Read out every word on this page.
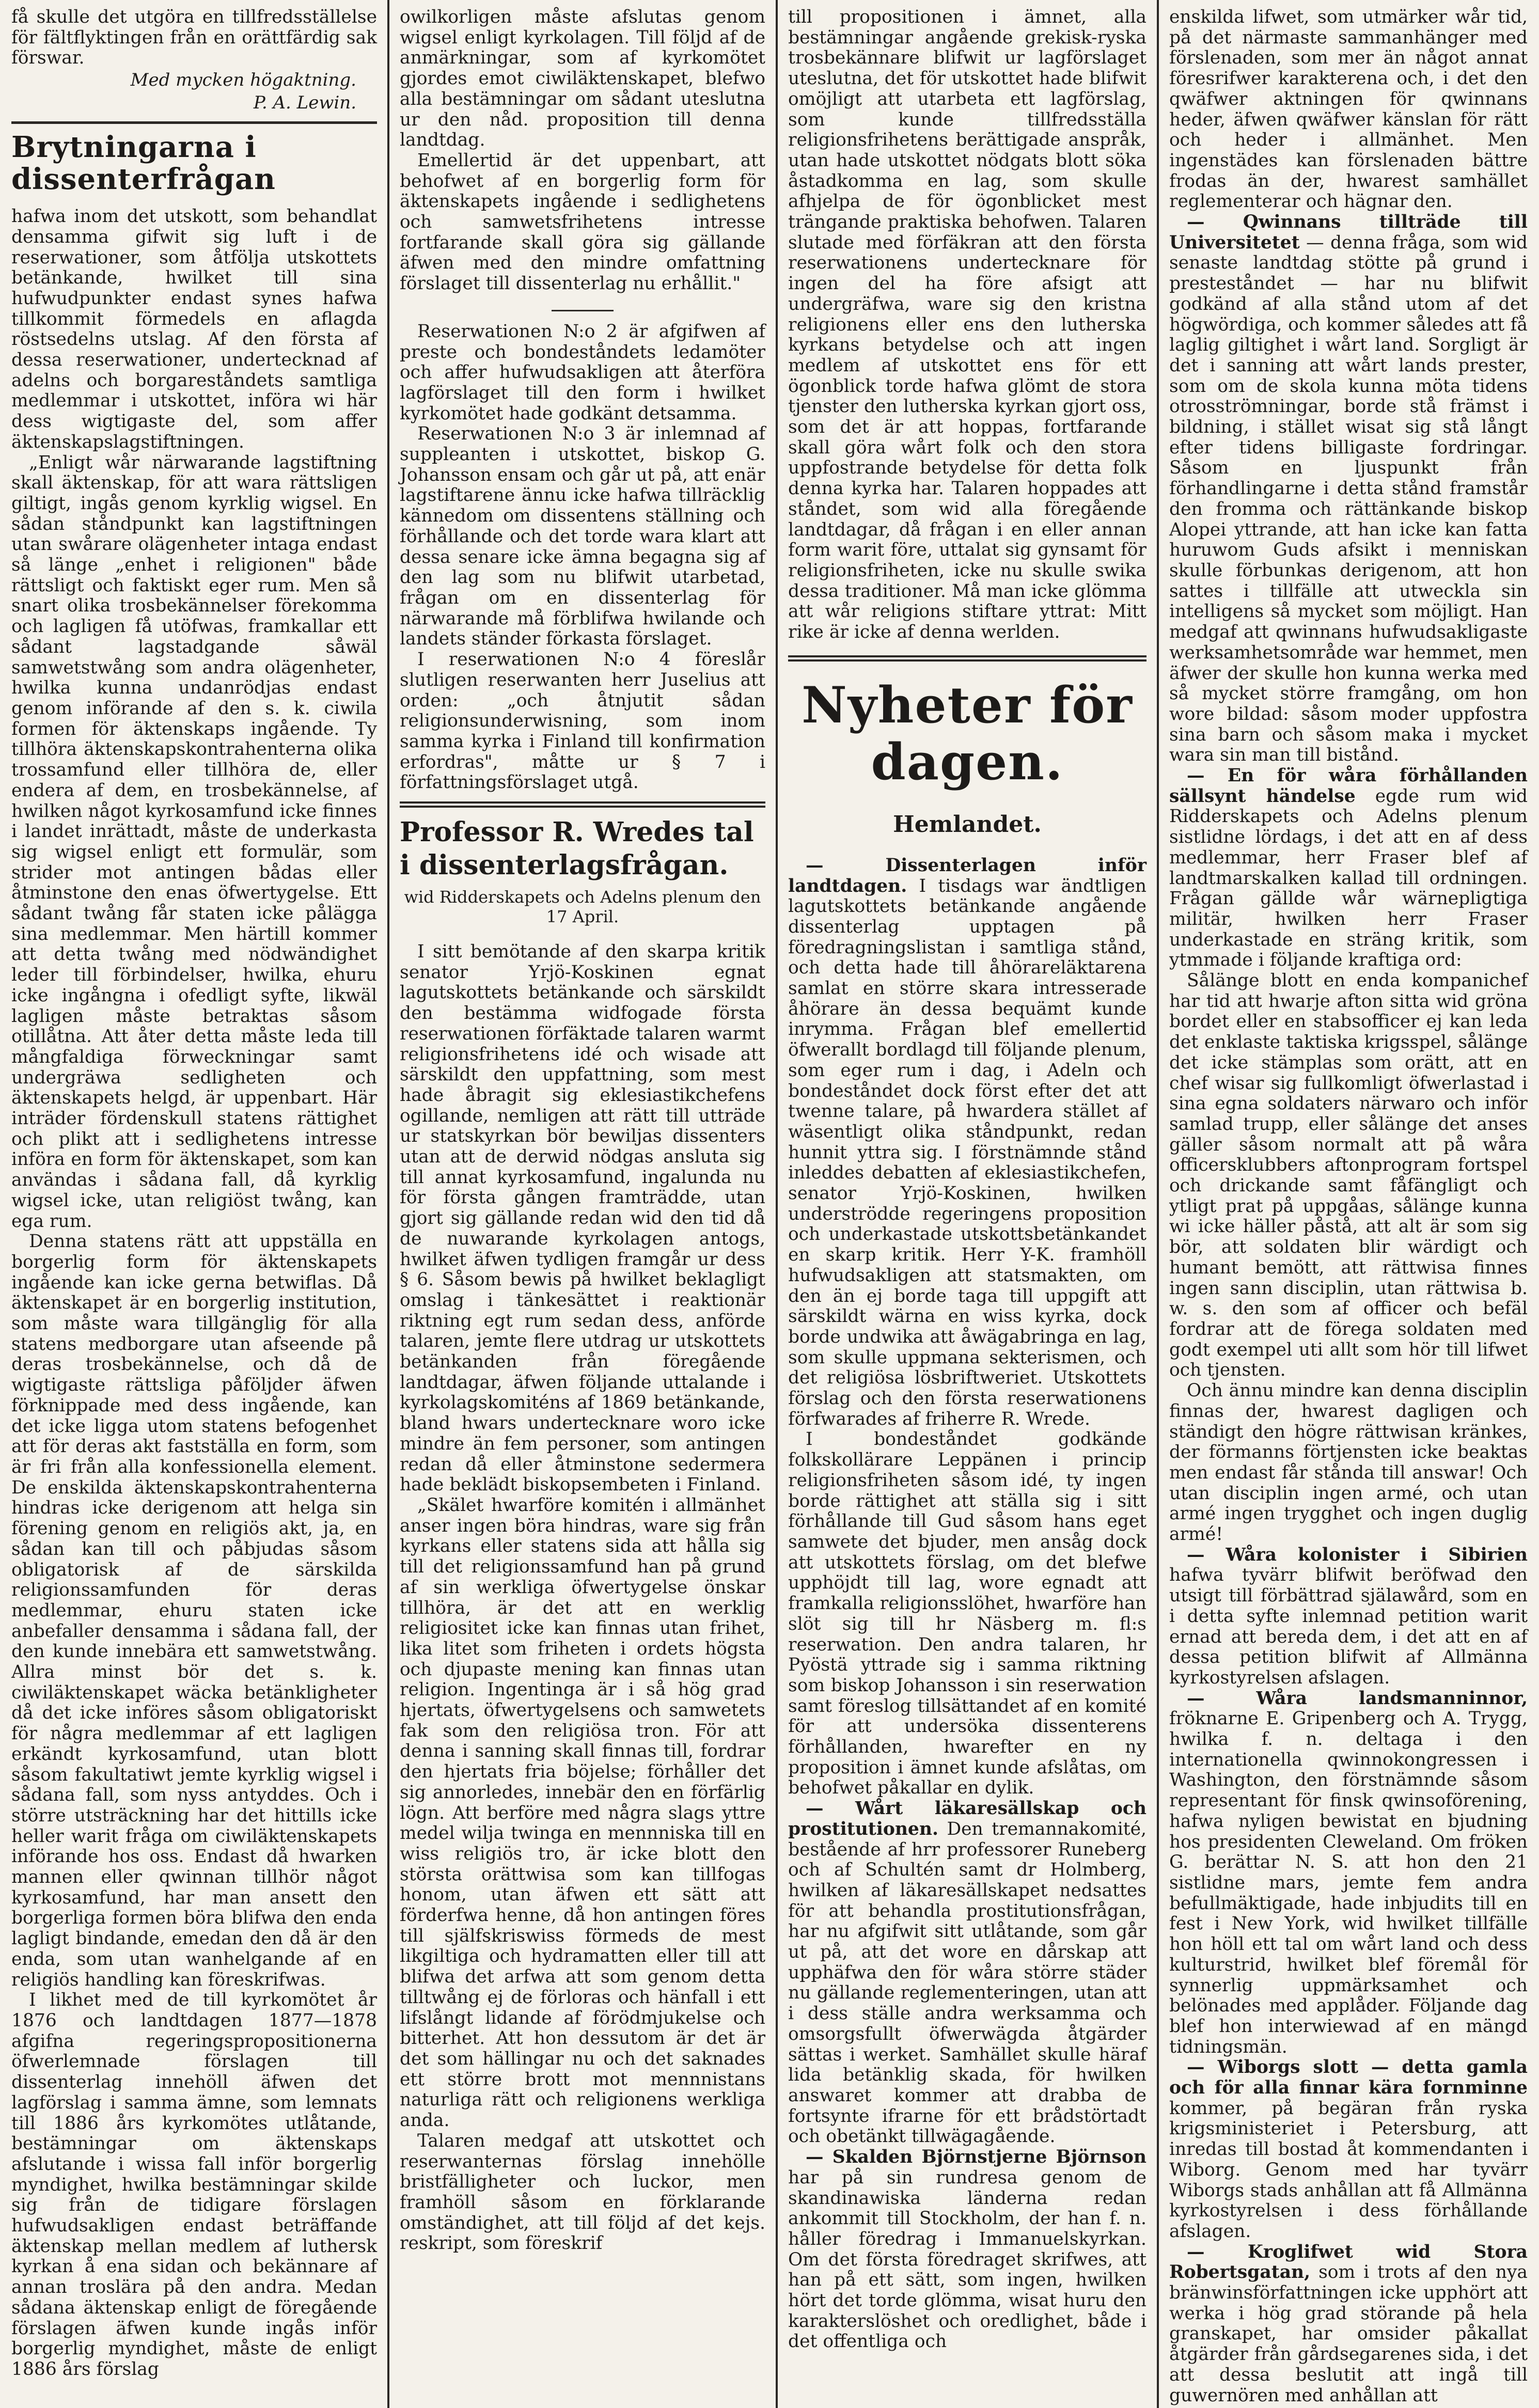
få skulle det utgöra en tillfredsställelse för fältflyktingen från en orättfärdig sak förswar.

Med mycken högaktning.
P. A. Lewin.
Brytningarna i dissenterfrågan

hafwa inom det utskott, som behandlat densamma gifwit sig luft i de reserwationer, som åtföljа utskottets betänkande, hwilket till sina hufwudpunkter endast synes hafwa tillkommit förmedels en aflagda röstsedelns utslag. Af den första af dessa reserwationer, undertecknad af adelns och borgareståndets samtliga medlemmar i utskottet, införa wi här dess wigtigaste del, som affer äktenskapslagstiftningen.

„Enligt wår närwarande lagstiftning skall äktenskap, för att wara rättsligen giltigt, ingås genom kyrklig wigsel. En sådan ståndpunkt kan lagstiftningen utan swårare olägenheter intaga endast så länge „enhet i religionen" både rättsligt och faktiskt eger rum. Men så snart olika trosbekännelser förekomma och lagligen få utöfwas, framkallar ett sådant lagstadgande såwäl samwetstwång som andra olägenheter, hwilka kunna undanrödjas endast genom införande af den s. k. ciwila formen för äktenskaps ingående. Ty tillhöra äktenskapskontrahenterna olika trossamfund eller tillhöra de, eller endera af dem, en trosbekännelse, af hwilken något kyrkosamfund icke finnes i landet inrättadt, måste de underkasta sig wigsel enligt ett formulär, som strider mot antingen bådas eller åtminstone den enas öfwertygelse. Ett sådant twång får staten icke pålägga sina medlemmar. Men härtill kommer att detta twång med nödwändighet leder till förbindelser, hwilka, ehuru icke ingångna i ofedligt syfte, likwäl lagligen måste betraktas såsom otillåtna. Att åter detta måste leda till mångfaldiga förweckningar samt undergräwa sedligheten och äktenskapets helgd, är uppenbart. Här inträder fördenskull statens rättighet och plikt att i sedlighetens intresse införa en form för äktenskapet, som kan användas i sådana fall, då kyrklig wigsel icke, utan religiöst twång, kan ega rum.

Denna statens rätt att uppställa en borgerlig form för äktenskapets ingående kan icke gerna betwiflas. Då äktenskapet är en borgerlig institution, som måste wara tillgänglig för alla statens medborgare utan afseende på deras trosbekännelse, och då de wigtigaste rättsliga påföljder äfwen förknippade med dess ingående, kan det icke ligga utom statens befogenhet att för deras akt fastställa en form, som är fri från alla konfessionella element. De enskilda äktenskapskontrahenterna hindras icke derigenom att helga sin förening genom en religiös akt, ja, en sådan kan till och påbjudas såsom obligatorisk af de särskilda religionssamfunden för deras medlemmar, ehuru staten icke anbefaller densamma i sådana fall, der den kunde innebära ett samwetstwång. Allra minst bör det s. k. ciwiläktenskapet wäcka betänkligheter då det icke införes såsom obligatoriskt för några medlemmar af ett lagligen erkändt kyrkosamfund, utan blott såsom fakultatiwt jemte kyrklig wigsel i sådana fall, som nyss antyddes. Och i större utsträckning har det hittills icke heller warit fråga om ciwiläktenskapets införande hos oss. Endast då hwarken mannen eller qwinnan tillhör något kyrkosamfund, har man ansett den borgerliga formen böra blifwa den enda lagligt bindande, emedan den då är den enda, som utan wanhelgande af en religiös handling kan föreskrifwas.

I likhet med de till kyrkomötet år 1876 och landtdagen 1877—1878 afgifna regeringspropositionerna öfwerlemnade förslagen till dissenterlag innehöll äfwen det lagförslag i samma ämne, som lemnats till 1886 års kyrkomötes utlåtande, bestämningar om äktenskaps afslutande i wissa fall inför borgerlig myndighet, hwilka bestämningar skilde sig från de tidigare förslagen hufwudsakligen endast beträffande äktenskap mellan medlem af luthersk kyrkan å ena sidan och bekännare af annan troslära på den andra. Medan sådana äktenskap enligt de föregående förslagen äfwen kunde ingås inför borgerlig myndighet, måste de enligt 1886 års förslag

owilkorligen måste afslutas genom wigsel enligt kyrkolagen. Till följd af de anmärkningar, som af kyrkomötet gjordes emot ciwiläktenskapet, blefwo alla bestämningar om sådant uteslutna ur den nåd. proposition till denna landtdag.

Emellertid är det uppenbart, att behofwet af en borgerlig form för äktenskapets ingående i sedlighetens och samwetsfrihetens intresse fortfarande skall göra sig gällande äfwen med den mindre omfattning förslaget till dissenterlag nu erhållit."

Reserwationen N:o 2 är afgifwen af preste och bondeståndets ledamöter och affer hufwudsakligen att återföra lagförslaget till den form i hwilket kyrkomötet hade godkänt detsamma.

Reserwationen N:o 3 är inlemnad af suppleanten i utskottet, biskop G. Johansson ensam och går ut på, att enär lagstiftarene ännu icke hafwa tillräcklig kännedom om dissentens ställning och förhållande och det torde wara klart att dessa senare icke ämna begagna sig af den lag som nu blifwit utarbetad, frågan om en dissenterlag för närwarande må förblifwa hwilande och landets ständer förkasta förslaget.

I reserwationen N:o 4 föreslår slutligen reserwanten herr Juselius att orden: „och åtnjutit sådan religionsunderwisning, som inom samma kyrka i Finland till konfirmation erfordras", måtte ur § 7 i författningsförslaget utgå.

Professor R. Wredes tal i dissenterlagsfrågan.
wid Ridderskapets och Adelns plenum den 17 April.

I sitt bemötande af den skarpa kritik senator Yrjö-Koskinen egnat lagutskottets betänkande och särskildt den bestämma widfogade första reserwationen förfäktade talaren warmt religionsfrihetens idé och wisade att särskildt den uppfattning, som mest hade åbragit sig eklesiastikchefens ogillande, nemligen att rätt till utträde ur statskyrkan bör bewiljas dissenters utan att de derwid nödgas ansluta sig till annat kyrkosamfund, ingalunda nu för första gången framträdde, utan gjort sig gällande redan wid den tid då de nuwarande kyrkolagen antogs, hwilket äfwen tydligen framgår ur dess § 6. Såsom bewis på hwilket beklagligt omslag i tänkesättet i reaktionär riktning egt rum sedan dess, anförde talaren, jemte flere utdrag ur utskottets betänkanden från föregående landtdagar, äfwen följande uttalande i kyrkolagskomiténs af 1869 betänkande, bland hwars undertecknare woro icke mindre än fem personer, som antingen redan då eller åtminstone sedermera hade beklädt biskopsembeten i Finland.

„Skälet hwarföre komitén i allmänhet anser ingen böra hindras, ware sig från kyrkans eller statens sida att hålla sig till det religionssamfund han på grund af sin werkliga öfwertygelse önskar tillhöra, är det att en werklig religiositet icke kan finnas utan frihet, lika litet som friheten i ordets högsta och djupaste mening kan finnas utan religion. Ingentinga är i så hög grad hjertats, öfwertygelsens och samwetets fak som den religiösa tron. För att denna i sanning skall finnas till, fordrar den hjertats fria böjelse; förhåller det sig annorledes, innebär den en förfärlig lögn. Att berföre med några slags yttre medel wilja twinga en mennniska till en wiss religiös tro, är icke blott den största orättwisa som kan tillfogas honom, utan äfwen ett sätt att förderfwa henne, då hon antingen föres till själfskriswiss förmeds de mest likgiltiga och hydramatten eller till att blifwa det arfwa att som genom detta tilltwång ej de förloras och hänfall i ett lifslångt lidande af förödmjukelse och bitterhet. Att hon dessutom är det är det som hällingar nu och det saknades ett större brott mot mennnistans naturliga rätt och religionens werkliga anda.

Talaren medgaf att utskottet och reserwanternas förslag innehölle bristfälligheter och luckor, men framhöll såsom en förklarande omständighet, att till följd af det kejs. reskript, som föreskrif

till propositionen i ämnet, alla bestämningar angående grekisk-ryska trosbekännare blifwit ur lagförslaget uteslutna, det för utskottet hade blifwit omöjligt att utarbeta ett lagförslag, som kunde tillfredsställa religionsfrihetens berättigade anspråk, utan hade utskottet nödgats blott söka åstadkomma en lag, som skulle afhjelpa de för ögonblicket mest trängande praktiska behofwen. Talaren slutade med förfäkran att den första reserwationens undertecknare för ingen del ha före afsigt att undergräfwa, ware sig den kristna religionens eller ens den lutherska kyrkans betydelse och att ingen medlem af utskottet ens för ett ögonblick torde hafwa glömt de stora tjenster den lutherska kyrkan gjort oss, som det är att hoppas, fortfarande skall göra wårt folk och den stora uppfostrande betydelse för detta folk denna kyrka har. Talaren hoppades att ståndet, som wid alla föregående landtdagar, då frågan i en eller annan form warit före, uttalat sig gynsamt för religionsfriheten, icke nu skulle swika dessa traditioner. Må man icke glömma att wår religions stiftare yttrat: Mitt rike är icke af denna werlden.

Nyheter för dagen.
Hemlandet.

— Dissenterlagen inför landtdagen. I tisdags war ändtligen lagutskottets betänkande angående dissenterlag upptagen på föredragningslistan i samtliga stånd, och detta hade till åhörareläktarena samlat en större skara intresserade åhörare än dessa bequämt kunde inrymma. Frågan blef emellertid öfwerallt bordlagd till följande plenum, som eger rum i dag, i Adeln och bondeståndet dock först efter det att twenne talare, på hwardera stället af wäsentligt olika ståndpunkt, redan hunnit yttra sig. I förstnämnde stånd inleddes debatten af eklesiastikchefen, senator Yrjö-Koskinen, hwilken underströdde regeringens proposition och underkastade utskottsbetänkandet en skarp kritik. Herr Y-K. framhöll hufwudsakligen att statsmakten, om den än ej borde taga till uppgift att särskildt wärna en wiss kyrka, dock borde undwika att åwägabringa en lag, som skulle uppmana sekterismen, och det religiösa lösbriftweriet. Utskottets förslag och den första reserwationens förfwarades af friherre R. Wrede.

I bondeståndet godkände folkskollärare Leppänen i princip religionsfriheten såsom idé, ty ingen borde rättighet att ställa sig i sitt förhållande till Gud såsom hans eget samwete det bjuder, men ansåg dock att utskottets förslag, om det blefwe upphöjdt till lag, wore egnadt att framkalla religionsslöhet, hwarföre han slöt sig till hr Näsberg m. fl:s reserwation. Den andra talaren, hr Pyöstä yttrade sig i samma riktning som biskop Johansson i sin reserwation samt föreslog tillsättandet af en komité för att undersöka dissenterens förhållanden, hwarefter en ny proposition i ämnet kunde afslåtas, om behofwet påkallar en dylik.

— Wårt läkaresällskap och prostitutionen. Den tremannakomité, bestående af hrr professorer Runeberg och af Schultén samt dr Holmberg, hwilken af läkaresällskapet nedsattes för att behandla prostitutionsfrågan, har nu afgifwit sitt utlåtande, som går ut på, att det wore en dårskap att upphäfwa den för wåra större städer nu gällande reglementeringen, utan att i dess ställe andra werksamma och omsorgsfullt öfwerwägda åtgärder sättas i werket. Samhället skulle häraf lida betänklig skada, för hwilken answaret kommer att drabba de fortsynte ifrarne för ett brådstörtadt och obetänkt tillwägagående.

— Skalden Björnstjerne Björnson har på sin rundresa genom de skandinawiska länderna redan ankommit till Stockholm, der han f. n. håller föredrag i Immanuelskyrkan. Om det första föredraget skrifwes, att han på ett sätt, som ingen, hwilken hört det torde glömma, wisat huru den karakterslöshet och oredlighet, både i det offentliga och

enskilda lifwet, som utmärker wår tid, på det närmaste sammanhänger med förslenaden, som mer än något annat föresrifwer karakterena och, i det den qwäfwer aktningen för qwinnans heder, äfwen qwäfwer känslan för rätt och heder i allmänhet. Men ingenstädes kan förslenaden bättre frodas än der, hwarest samhället reglementerar och hägnar den.

— Qwinnans tillträde till Universitetet — denna fråga, som wid senaste landtdag stötte på grund i presteståndet — har nu blifwit godkänd af alla stånd utom af det högwördiga, och kommer således att få laglig giltighet i wårt land. Sorgligt är det i sanning att wårt lands prester, som om de skola kunna möta tidens otrosströmningar, borde stå främst i bildning, i stället wisat sig stå långt efter tidens billigaste fordringar. Såsom en ljuspunkt från förhandlingarne i detta stånd framstår den fromma och rättänkande biskop Alopei yttrande, att han icke kan fatta huruwom Guds afsikt i menniskan skulle förbunkas derigenom, att hon sattes i tillfälle att utweckla sin intelligens så mycket som möjligt. Han medgaf att qwinnans hufwudsakligaste werksamhetsområde war hemmet, men äfwer der skulle hon kunna werka med så mycket större framgång, om hon wore bildad: såsom moder uppfostra sina barn och såsom maka i mycket wara sin man till bistånd.

— En för wåra förhållanden sällsynt händelse egde rum wid Ridderskapets och Adelns plenum sistlidne lördags, i det att en af dess medlemmar, herr Fraser blef af landtmarskalken kallad till ordningen. Frågan gällde wår wärnepligtiga militär, hwilken herr Fraser underkastade en sträng kritik, som ytmmade i följande kraftiga ord:

Sålänge blott en enda kompanichef har tid att hwarje afton sitta wid gröna bordet eller en stabsofficer ej kan leda det enklaste taktiska krigsspel, sålänge det icke stämplas som orätt, att en chef wisar sig fullkomligt öfwerlastad i sina egna soldaters närwaro och inför samlad trupp, eller sålänge det anses gäller såsom normalt att på wåra officersklubbers aftonprogram fortspel och drickande samt fåfängligt och ytligt prat på uppgåas, sålänge kunna wi icke häller påstå, att alt är som sig bör, att soldaten blir wärdigt och humant bemött, att rättwisa finnes ingen sann disciplin, utan rättwisa b. w. s. den som af officer och befäl fordrar att de förega soldaten med godt exempel uti allt som hör till lifwet och tjensten.

Och ännu mindre kan denna disciplin finnas der, hwarest dagligen och ständigt den högre rättwisan kränkes, der förmanns förtjensten icke beaktas men endast får stånda till answar! Och utan disciplin ingen armé, och utan armé ingen trygghet och ingen duglig armé!

— Wåra kolonister i Sibirien hafwa tyvärr blifwit beröfwad den utsigt till förbättrad själawård, som en i detta syfte inlemnad petition warit ernad att bereda dem, i det att en af dessa petition blifwit af Allmänna kyrkostyrelsen afslagen.

— Wåra landsmanninnor, fröknarne E. Gripenberg och A. Trygg, hwilka f. n. deltaga i den internationella qwinnokongressen i Washington, den förstnämnde såsom representant för finsk qwinsoförening, hafwa nyligen bewistat en bjudning hos presidenten Cleweland. Om fröken G. berättar N. S. att hon den 21 sistlidne mars, jemte fem andra befullmäktigade, hade inbjudits till en fest i New York, wid hwilket tillfälle hon höll ett tal om wårt land och dess kulturstrid, hwilket blef föremål för synnerlig uppmärksamhet och belönades med applåder. Följande dag blef hon interwiewad af en mängd tidningsmän.

— Wiborgs slott — detta gamla och för alla finnar kära fornminne kommer, på begäran från ryska krigsministeriet i Petersburg, att inredas till bostad åt kommendanten i Wiborg. Genom med har tyvärr Wiborgs stads anhållan att få Allmänna kyrkostyrelsen i dess förhållande afslagen.

— Kroglifwet wid Stora Robertsgatan, som i trots af den nya bränwinsförfattningen icke upphört att werka i hög grad störande på hela granskapet, har omsider påkallat åtgärder från gårdsegarenes sida, i det att dessa beslutit att ingå till guwernören med anhållan att
